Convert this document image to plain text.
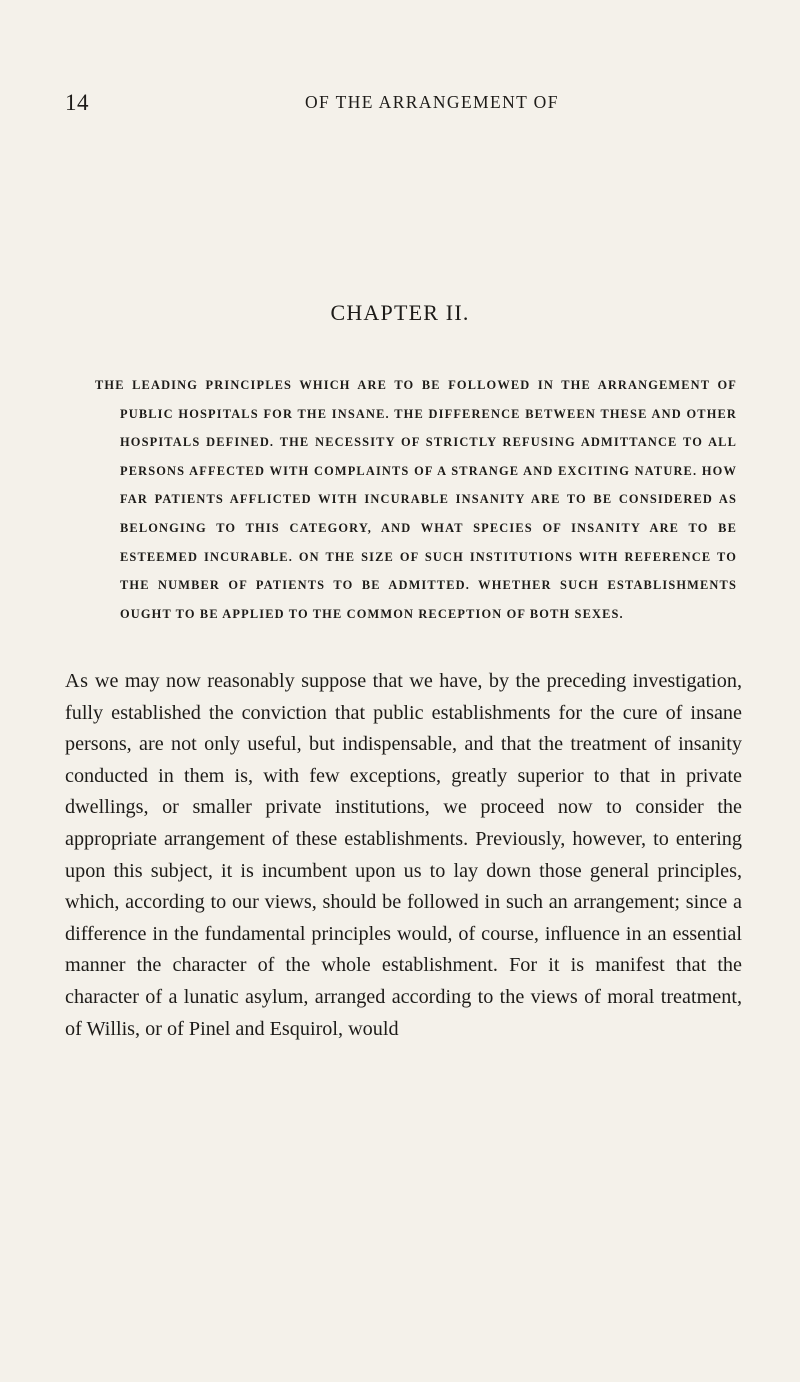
14	OF THE ARRANGEMENT OF
CHAPTER II.
THE LEADING PRINCIPLES WHICH ARE TO BE FOLLOWED IN THE ARRANGEMENT OF PUBLIC HOSPITALS FOR THE INSANE. THE DIFFERENCE BETWEEN THESE AND OTHER HOSPITALS DEFINED. THE NECESSITY OF STRICTLY REFUSING ADMITTANCE TO ALL PERSONS AFFECTED WITH COMPLAINTS OF A STRANGE AND EXCITING NATURE. HOW FAR PATIENTS AFFLICTED WITH INCURABLE INSANITY ARE TO BE CONSIDERED AS BELONGING TO THIS CATEGORY, AND WHAT SPECIES OF INSANITY ARE TO BE ESTEEMED INCURABLE. ON THE SIZE OF SUCH INSTITUTIONS WITH REFERENCE TO THE NUMBER OF PATIENTS TO BE ADMITTED. WHETHER SUCH ESTABLISHMENTS OUGHT TO BE APPLIED TO THE COMMON RECEPTION OF BOTH SEXES.
As we may now reasonably suppose that we have, by the preceding investigation, fully established the conviction that public establishments for the cure of insane persons, are not only useful, but indispensable, and that the treatment of insanity conducted in them is, with few exceptions, greatly superior to that in private dwellings, or smaller private institutions, we proceed now to consider the appropriate arrangement of these establishments. Previously, however, to entering upon this subject, it is incumbent upon us to lay down those general principles, which, according to our views, should be followed in such an arrangement; since a difference in the fundamental principles would, of course, influence in an essential manner the character of the whole establishment. For it is manifest that the character of a lunatic asylum, arranged according to the views of moral treatment, of Willis, or of Pinel and Esquirol, would
